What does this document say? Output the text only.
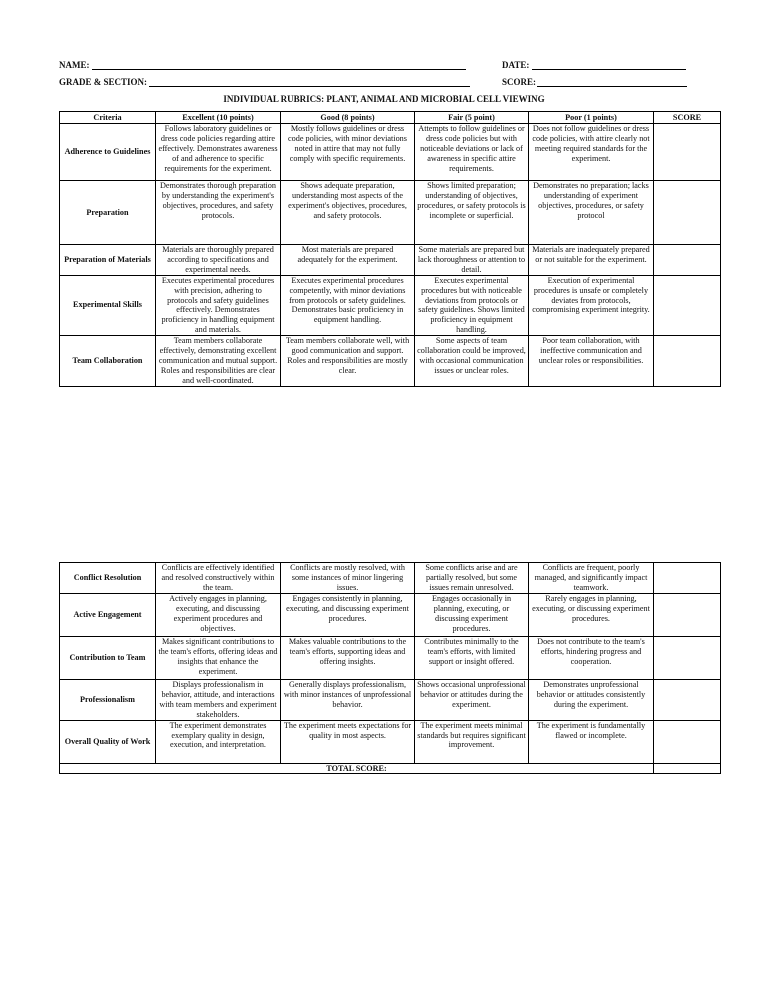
NAME:	DATE:
GRADE & SECTION:	SCORE:
INDIVIDUAL RUBRICS: PLANT, ANIMAL AND MICROBIAL CELL VIEWING
Criteria	Excellent (10 points)	Good (8 points)	Fair (5 point)	Poor (1 points)	SCORE
Adherence to Guidelines	Follows laboratory guidelines or dress code policies regarding attire effectively. Demonstrates awareness of and adherence to specific requirements for the experiment.	Mostly follows guidelines or dress code policies, with minor deviations noted in attire that may not fully comply with specific requirements.	Attempts to follow guidelines or dress code policies but with noticeable deviations or lack of awareness in specific attire requirements.	Does not follow guidelines or dress code policies, with attire clearly not meeting required standards for the experiment.	
Preparation	Demonstrates thorough preparation by understanding the experiment's objectives, procedures, and safety protocols.	Shows adequate preparation, understanding most aspects of the experiment's objectives, procedures, and safety protocols.	Shows limited preparation; understanding of objectives, procedures, or safety protocols is incomplete or superficial.	Demonstrates no preparation; lacks understanding of experiment objectives, procedures, or safety protocol	
Preparation of Materials	Materials are thoroughly prepared according to specifications and experimental needs.	Most materials are prepared adequately for the experiment.	Some materials are prepared but lack thoroughness or attention to detail.	Materials are inadequately prepared or not suitable for the experiment.	
Experimental Skills	Executes experimental procedures with precision, adhering to protocols and safety guidelines effectively. Demonstrates proficiency in handling equipment and materials.	Executes experimental procedures competently, with minor deviations from protocols or safety guidelines. Demonstrates basic proficiency in equipment handling.	Executes experimental procedures but with noticeable deviations from protocols or safety guidelines. Shows limited proficiency in equipment handling.	Execution of experimental procedures is unsafe or completely deviates from protocols, compromising experiment integrity.	
Team Collaboration	Team members collaborate effectively, demonstrating excellent communication and mutual support. Roles and responsibilities are clear and well-coordinated.	Team members collaborate well, with good communication and support. Roles and responsibilities are mostly clear.	Some aspects of team collaboration could be improved, with occasional communication issues or unclear roles.	Poor team collaboration, with ineffective communication and unclear roles or responsibilities.	
Conflict Resolution	Conflicts are effectively identified and resolved constructively within the team.	Conflicts are mostly resolved, with some instances of minor lingering issues.	Some conflicts arise and are partially resolved, but some issues remain unresolved.	Conflicts are frequent, poorly managed, and significantly impact teamwork.	
Active Engagement	Actively engages in planning, executing, and discussing experiment procedures and objectives.	Engages consistently in planning, executing, and discussing experiment procedures.	Engages occasionally in planning, executing, or discussing experiment procedures.	Rarely engages in planning, executing, or discussing experiment procedures.	
Contribution to Team	Makes significant contributions to the team's efforts, offering ideas and insights that enhance the experiment.	Makes valuable contributions to the team's efforts, supporting ideas and offering insights.	Contributes minimally to the team's efforts, with limited support or insight offered.	Does not contribute to the team's efforts, hindering progress and cooperation.	
Professionalism	Displays professionalism in behavior, attitude, and interactions with team members and experiment stakeholders.	Generally displays professionalism, with minor instances of unprofessional behavior.	Shows occasional unprofessional behavior or attitudes during the experiment.	Demonstrates unprofessional behavior or attitudes consistently during the experiment.	
Overall Quality of Work	The experiment demonstrates exemplary quality in design, execution, and interpretation.	The experiment meets expectations for quality in most aspects.	The experiment meets minimal standards but requires significant improvement.	The experiment is fundamentally flawed or incomplete.	
TOTAL SCORE:					
